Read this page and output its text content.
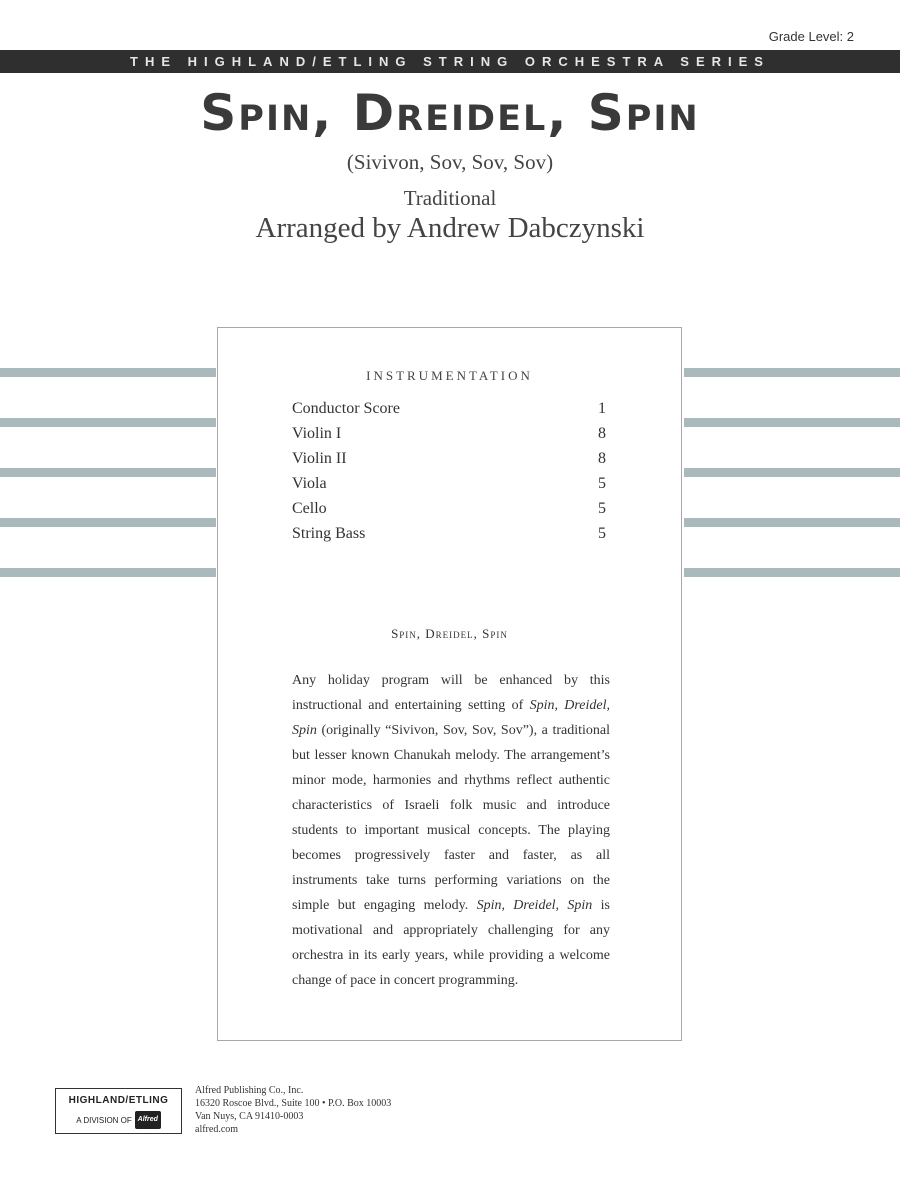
Grade Level: 2
THE HIGHLAND/ETLING STRING ORCHESTRA SERIES
Spin, Dreidel, Spin
(Sivivon, Sov, Sov, Sov)
Traditional
Arranged by Andrew Dabczynski
INSTRUMENTATION
Conductor Score	1
Violin I	8
Violin II	8
Viola	5
Cello	5
String Bass	5
Spin, Dreidel, Spin

Any holiday program will be enhanced by this instructional and entertaining setting of Spin, Dreidel, Spin (originally “Sivivon, Sov, Sov, Sov”), a traditional but lesser known Chanukah melody. The arrangement’s minor mode, harmonies and rhythms reflect authentic characteristics of Israeli folk music and introduce students to important musical concepts. The playing becomes progressively faster and faster, as all instruments take turns performing variations on the simple but engaging melody. Spin, Dreidel, Spin is motivational and appropriately challenging for any orchestra in its early years, while providing a welcome change of pace in concert programming.

HIGHLAND/ETLING
A DIVISION OF Alfred
Alfred Publishing Co., Inc.
16320 Roscoe Blvd., Suite 100 • P.O. Box 10003
Van Nuys, CA 91410-0003
alfred.com
